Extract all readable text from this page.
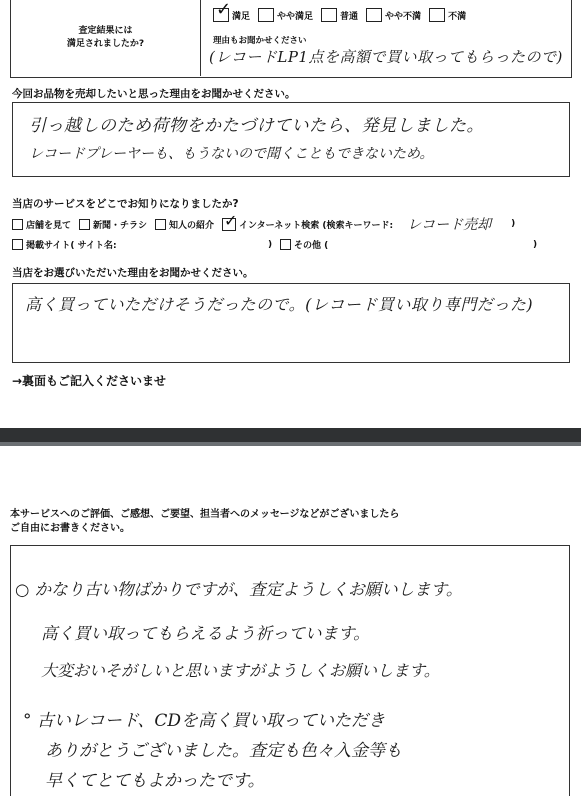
査定結果には
満足されましたか?
✓ 満足	やや満足	普通	やや不満	不満
理由もお聞かせください
(レコードLP1点を高額で買い取ってもらったので)
今回お品物を売却したいと思った理由をお聞かせください。
引っ越しのため荷物をかたづけていたら、発見しました。
レコードプレーヤーも、もうないので聞くこともできないため。
当店のサービスをどこでお知りになりましたか?
店舗を見て 新聞・チラシ 知人の紹介 ✓ インターネット検索 (検索キーワード: レコード売却 )
掲載サイト( サイト名:	) その他 (	)
当店をお選びいただいた理由をお聞かせください。
高く買っていただけそうだったので。(レコード買い取り専門だった)
→裏面もご記入くださいませ
本サービスへのご評価、ご感想、ご要望、担当者へのメッセージなどがございましたら
ご自由にお書きください。
○ かなり古い物ばかりですが、査定ようしくお願いします。
高く買い取ってもらえるよう祈っています。
大変おいそがしいと思いますがようしくお願いします。
° 古いレコード、CDを高く買い取っていただき
ありがとうございました。査定も色々入金等も
早くてとてもよかったです。
